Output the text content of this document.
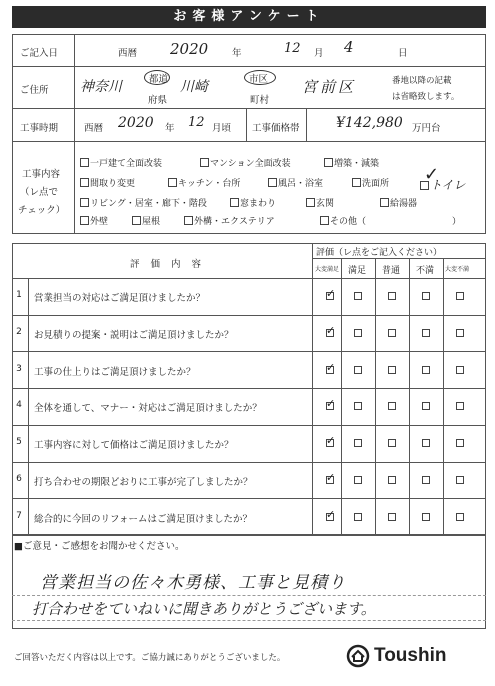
お客様アンケート
ご記入日	西暦 2020	年	12 月 4	日
ご住所 神奈川	都道
府県
川崎	市区
町村
宮前区	番地以降の記載
は省略致します。
工事時期	西暦 2020 年 12 月頃 工事価格帯	¥142,980 万円台
工事内容
（レ点で
チェック）
一戸建て全面改装	マンション全面改装	増築・減築
間取り変更	キッチン・台所	風呂・浴室	洗面所	トイレ
✓
リビング・居室・廊下・階段	窓まわり	玄関	給湯器
外壁	屋根	外構・エクステリア	その他（	）
評 価 内 容
評価（レ点をご記入ください）
大変満足 満足 普通 不満 大変不満
1	営業担当の対応はご満足頂けましたか？	✓
2	お見積りの提案・説明はご満足頂けましたか？	✓
3	工事の仕上りはご満足頂けましたか？	✓
4	全体を通して、マナー・対応はご満足頂けましたか？	✓
5	工事内容に対して価格はご満足頂けましたか？	✓
6	打ち合わせの期限どおりに工事が完了しましたか？	✓
7	総合的に今回のリフォームはご満足頂けましたか？	✓
■ご意見・ご感想をお聞かせください。
営業担当の佐々木勇様、工事と見積り
打合わせをていねいに聞きありがとうございます。
ご回答いただく内容は以上です。ご協力誠にありがとうございました。	Toushin
